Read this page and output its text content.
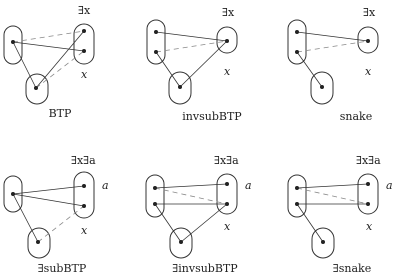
∃x
x
BTP
∃x
x
invsubBTP
∃x
x
snake
∃x∃a
a
x
∃subBTP
∃x∃a
a
x
∃invsubBTP
∃x∃a
a
x
∃snake
